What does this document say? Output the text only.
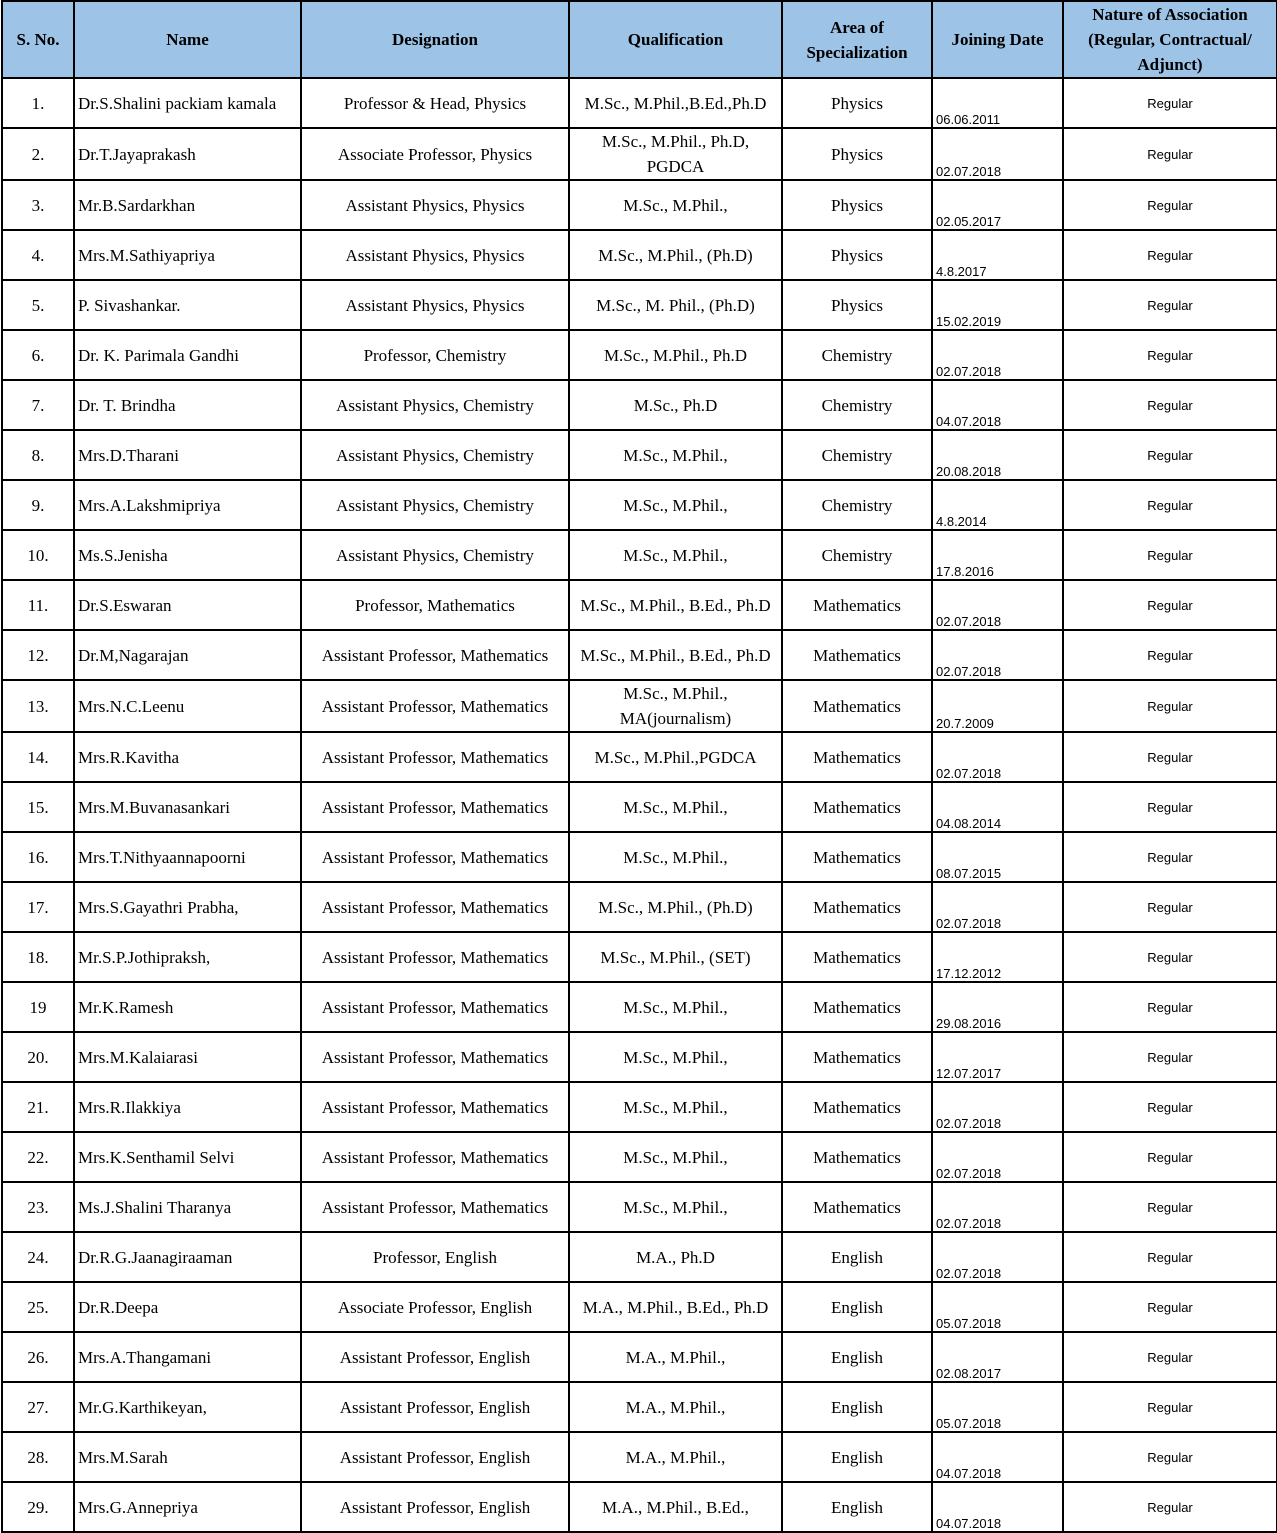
S. No.	Name	Designation	Qualification	Area of Specialization	Joining Date	Nature of Association (Regular, Contractual/ Adjunct)
1.	Dr.S.Shalini packiam kamala	Professor & Head, Physics	M.Sc., M.Phil.,B.Ed.,Ph.D	Physics	06.06.2011	Regular
2.	Dr.T.Jayaprakash	Associate Professor, Physics	M.Sc., M.Phil., Ph.D, PGDCA	Physics	02.07.2018	Regular
3.	Mr.B.Sardarkhan	Assistant Physics, Physics	M.Sc., M.Phil.,	Physics	02.05.2017	Regular
4.	Mrs.M.Sathiyapriya	Assistant Physics, Physics	M.Sc., M.Phil., (Ph.D)	Physics	4.8.2017	Regular
5.	P. Sivashankar.	Assistant Physics, Physics	M.Sc., M. Phil., (Ph.D)	Physics	15.02.2019	Regular
6.	Dr. K. Parimala Gandhi	Professor, Chemistry	M.Sc., M.Phil., Ph.D	Chemistry	02.07.2018	Regular
7.	Dr. T. Brindha	Assistant Physics, Chemistry	M.Sc., Ph.D	Chemistry	04.07.2018	Regular
8.	Mrs.D.Tharani	Assistant Physics, Chemistry	M.Sc., M.Phil.,	Chemistry	20.08.2018	Regular
9.	Mrs.A.Lakshmipriya	Assistant Physics, Chemistry	M.Sc., M.Phil.,	Chemistry	4.8.2014	Regular
10.	Ms.S.Jenisha	Assistant Physics, Chemistry	M.Sc., M.Phil.,	Chemistry	17.8.2016	Regular
11.	Dr.S.Eswaran	Professor, Mathematics	M.Sc., M.Phil., B.Ed., Ph.D	Mathematics	02.07.2018	Regular
12.	Dr.M,Nagarajan	Assistant Professor, Mathematics	M.Sc., M.Phil., B.Ed., Ph.D	Mathematics	02.07.2018	Regular
13.	Mrs.N.C.Leenu	Assistant Professor, Mathematics	M.Sc., M.Phil., MA(journalism)	Mathematics	20.7.2009	Regular
14.	Mrs.R.Kavitha	Assistant Professor, Mathematics	M.Sc., M.Phil.,PGDCA	Mathematics	02.07.2018	Regular
15.	Mrs.M.Buvanasankari	Assistant Professor, Mathematics	M.Sc., M.Phil.,	Mathematics	04.08.2014	Regular
16.	Mrs.T.Nithyaannapoorni	Assistant Professor, Mathematics	M.Sc., M.Phil.,	Mathematics	08.07.2015	Regular
17.	Mrs.S.Gayathri Prabha,	Assistant Professor, Mathematics	M.Sc., M.Phil., (Ph.D)	Mathematics	02.07.2018	Regular
18.	Mr.S.P.Jothipraksh,	Assistant Professor, Mathematics	M.Sc., M.Phil., (SET)	Mathematics	17.12.2012	Regular
19	Mr.K.Ramesh	Assistant Professor, Mathematics	M.Sc., M.Phil.,	Mathematics	29.08.2016	Regular
20.	Mrs.M.Kalaiarasi	Assistant Professor, Mathematics	M.Sc., M.Phil.,	Mathematics	12.07.2017	Regular
21.	Mrs.R.Ilakkiya	Assistant Professor, Mathematics	M.Sc., M.Phil.,	Mathematics	02.07.2018	Regular
22.	Mrs.K.Senthamil Selvi	Assistant Professor, Mathematics	M.Sc., M.Phil.,	Mathematics	02.07.2018	Regular
23.	Ms.J.Shalini Tharanya	Assistant Professor, Mathematics	M.Sc., M.Phil.,	Mathematics	02.07.2018	Regular
24.	Dr.R.G.Jaanagiraaman	Professor, English	M.A., Ph.D	English	02.07.2018	Regular
25.	Dr.R.Deepa	Associate Professor, English	M.A., M.Phil., B.Ed., Ph.D	English	05.07.2018	Regular
26.	Mrs.A.Thangamani	Assistant Professor, English	M.A., M.Phil.,	English	02.08.2017	Regular
27.	Mr.G.Karthikeyan,	Assistant Professor, English	M.A., M.Phil.,	English	05.07.2018	Regular
28.	Mrs.M.Sarah	Assistant Professor, English	M.A., M.Phil.,	English	04.07.2018	Regular
29.	Mrs.G.Annepriya	Assistant Professor, English	M.A., M.Phil., B.Ed.,	English	04.07.2018	Regular
